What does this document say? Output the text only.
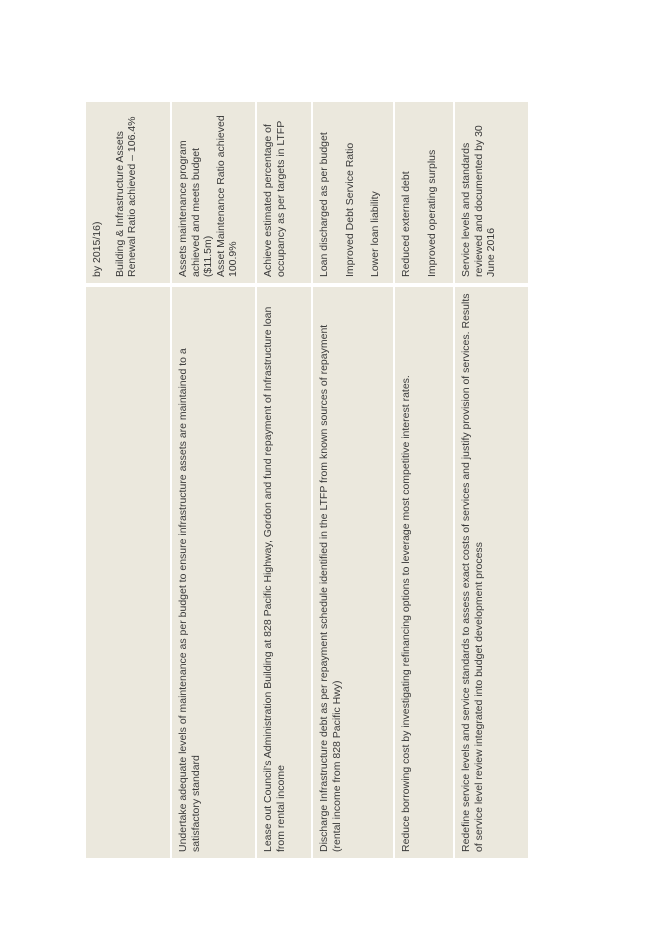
by 2015/16) Building & Infrastructure Assets Renewal Ratio achieved – 106.4%

Undertake adequate levels of maintenance as per budget to ensure infrastructure assets are maintained to a satisfactory standard

Assets maintenance program achieved and meets budget ($11.5m) Asset Maintenance Ratio achieved 100.9%

Lease out Council’s Administration Building at 828 Pacific Highway, Gordon and fund repayment of Infrastructure loan from rental income

Achieve estimated percentage of occupancy as per targets in LTFP

Discharge Infrastructure debt as per repayment schedule identified in the LTFP from known sources of repayment (rental income from 828 Pacific Hwy)

Loan discharged as per budget Improved Debt Service Ratio Lower loan liability

Reduce borrowing cost by investigating refinancing options to leverage most competitive interest rates.

Reduced external debt Improved operating surplus

Redefine service levels and service standards to assess exact costs of services and justify provision of services. Results of service level review integrated into budget development process

Service levels and standards reviewed and documented by 30 June 2016
